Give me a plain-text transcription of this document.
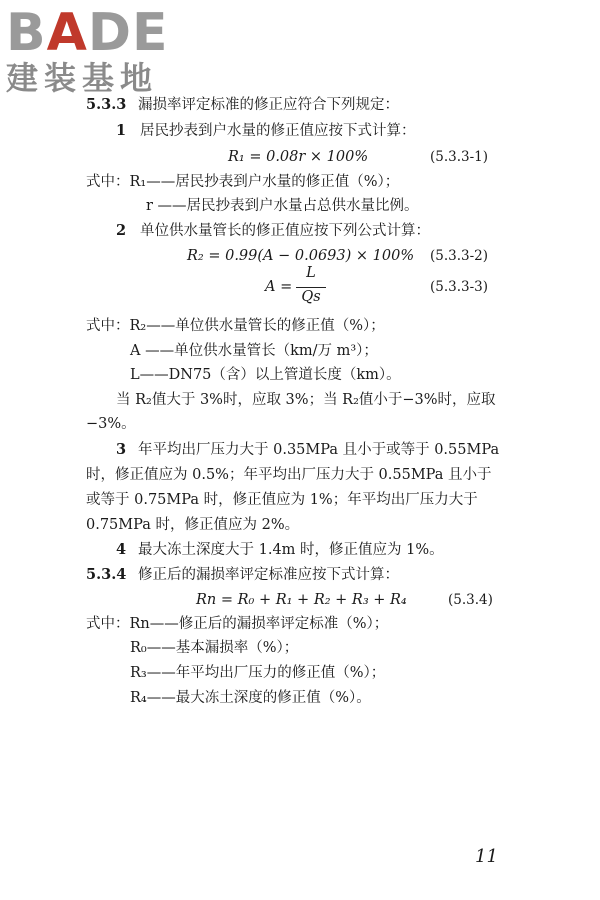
BADE
建装基地
5.3.3 漏损率评定标准的修正应符合下列规定：
1 居民抄表到户水量的修正值应按下式计算：
R₁ = 0.08r × 100%	(5.3.3-1)
式中：R₁——居民抄表到户水量的修正值（%）；
r ——居民抄表到户水量占总供水量比例。
2 单位供水量管长的修正值应按下列公式计算：
R₂ = 0.99(A − 0.0693) × 100% (5.3.3-2)
A =
L
Qs
(5.3.3-3)
式中：R₂——单位供水量管长的修正值（%）；
A ——单位供水量管长（km/万 m³）；
L——DN75（含）以上管道长度（km）。
当 R₂值大于 3%时，应取 3%；当 R₂值小于−3%时，应取
−3%。
3 年平均出厂压力大于 0.35MPa 且小于或等于 0.55MPa
时，修正值应为 0.5%；年平均出厂压力大于 0.55MPa 且小于
或等于 0.75MPa 时，修正值应为 1%；年平均出厂压力大于
0.75MPa 时，修正值应为 2%。
4 最大冻土深度大于 1.4m 时，修正值应为 1%。
5.3.4 修正后的漏损率评定标准应按下式计算：
Rn = R₀ + R₁ + R₂ + R₃ + R₄	(5.3.4)
式中：Rn——修正后的漏损率评定标准（%）；
R₀——基本漏损率（%）；
R₃——年平均出厂压力的修正值（%）；
R₄——最大冻土深度的修正值（%）。
11
